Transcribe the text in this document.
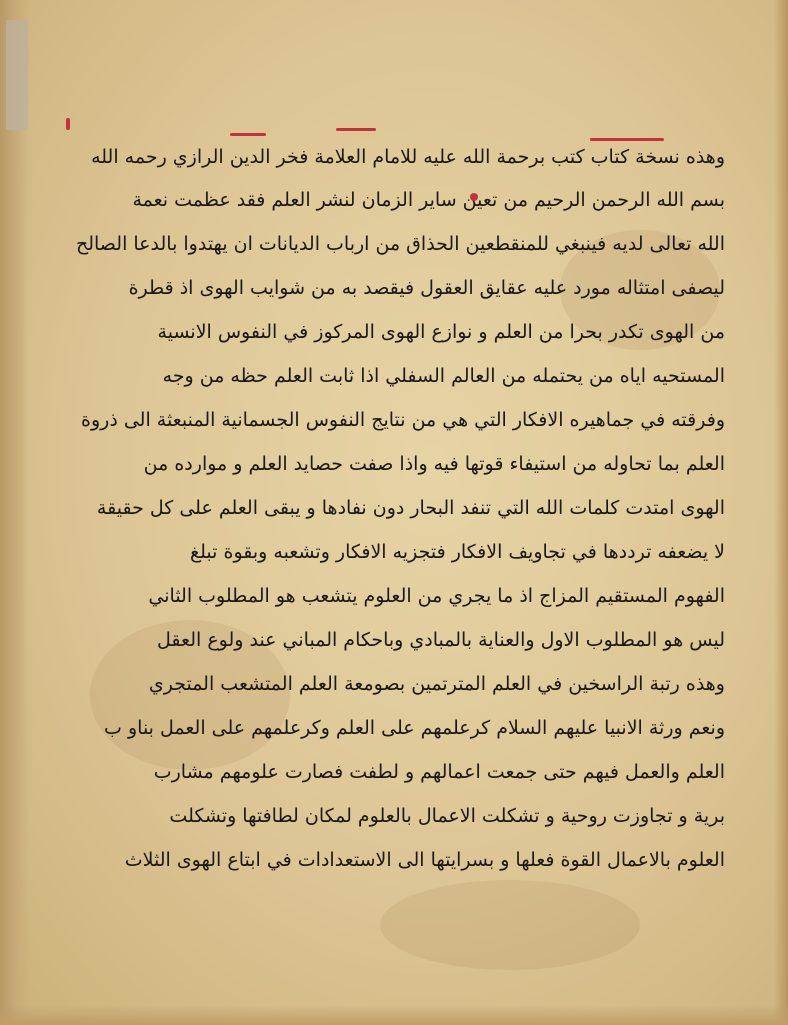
وهذه نسخة كتاب كتب برحمة الله عليه للامام العلامة فخر الدين الرازي رحمه الله
بسم الله الرحمن الرحيم من تعين ساير الزمان لنشر العلم فقد عظمت نعمة
الله تعالى لديه فينبغي للمنقطعين الحذاق من ارباب الديانات ان يهتدوا بالدعا الصالح
ليصفى امتثاله مورد عليه عقايق العقول فيقصد به من شوايب الهوى اذ قطرة
من الهوى تكدر بحرا من العلم و نوازع الهوى المركوز في النفوس الانسية
المستحيه اياه من يحتمله من العالم السفلي اذا ثابت العلم حظه من وجه
وفرقته في جماهيره الافكار التي هي من نتايج النفوس الجسمانية المنبعثة الى ذروة
العلم بما تحاوله من استيفاء قوتها فيه واذا صفت حصايد العلم و موارده من
الهوى امتدت كلمات الله التي تنفد البحار دون نفادها و يبقى العلم على كل حقيقة
لا يضعفه ترددها في تجاويف الافكار فتجزيه الافكار وتشعبه وبقوة تبلغ
الفهوم المستقيم المزاج اذ ما يجري من العلوم يتشعب هو المطلوب الثاني
ليس هو المطلوب الاول والعناية بالمبادي وباحكام المباني عند ولوع العقل
وهذه رتبة الراسخين في العلم المترتمين بصومعة العلم المتشعب المتجري
ونعم ورثة الانبيا عليهم السلام كرعلمهم على العلم وكرعلمهم على العمل بناو ب
العلم والعمل فيهم حتى جمعت اعمالهم و لطفت فصارت علومهم مشارب
برية و تجاوزت روحية و تشكلت الاعمال بالعلوم لمكان لطافتها وتشكلت
العلوم بالاعمال القوة فعلها و بسرايتها الى الاستعدادات في ابتاع الهوى الثلاث
